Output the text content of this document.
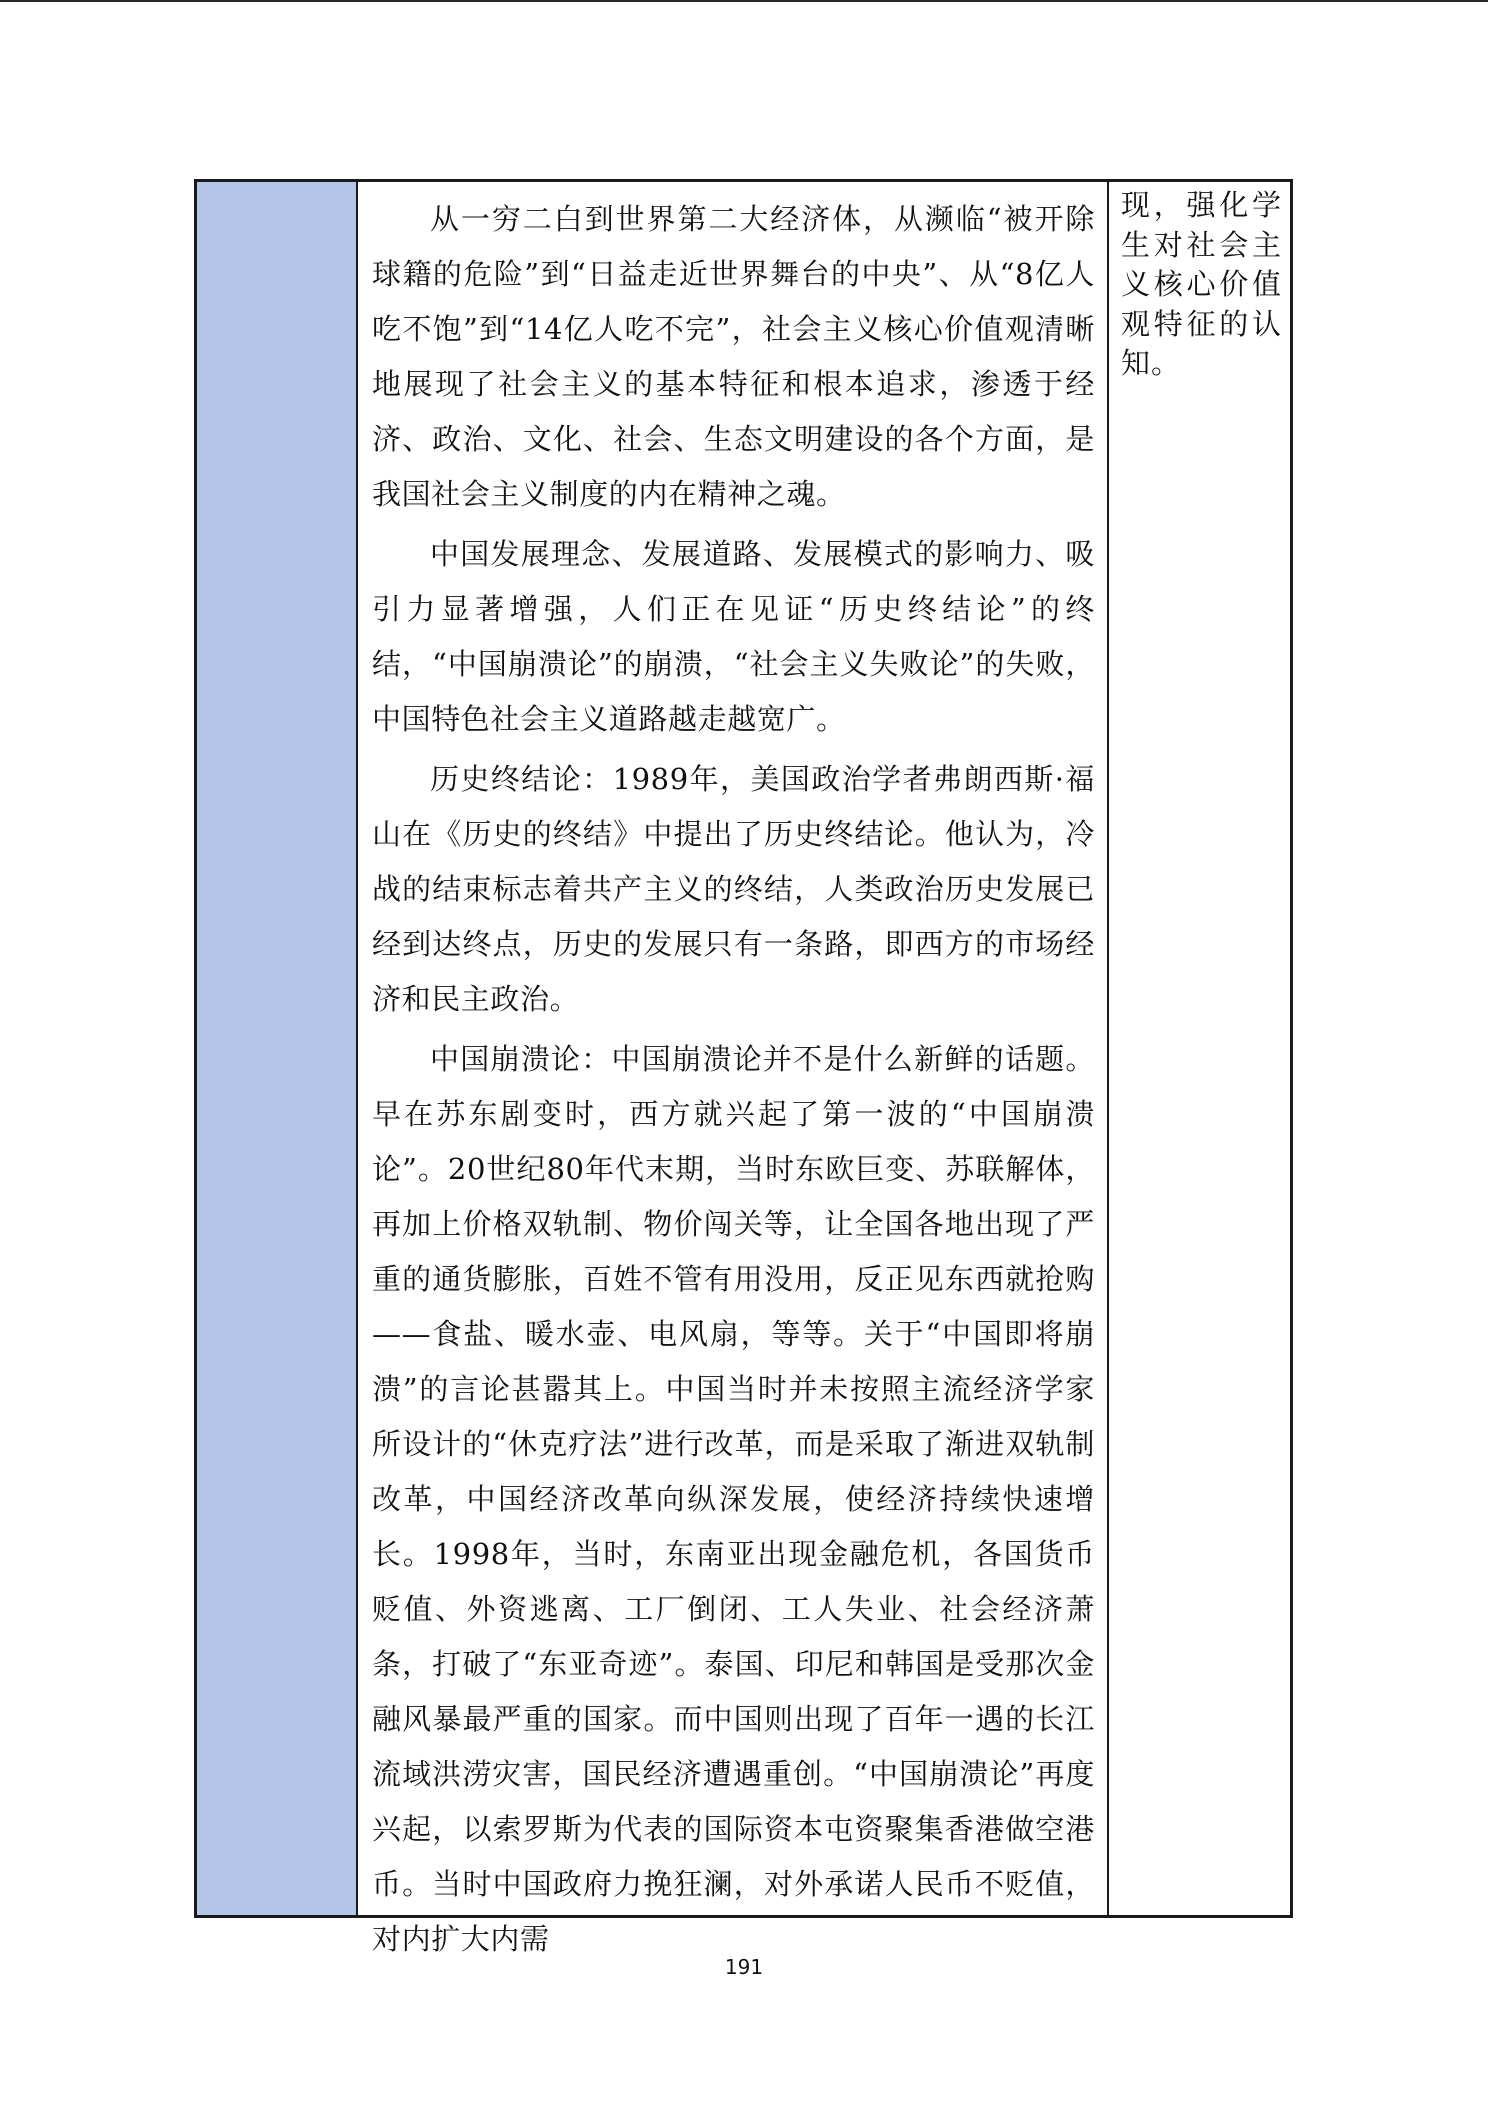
从一穷二白到世界第二大经济体，从濒临“被开除球籍的危险”到“日益走近世界舞台的中央”、从“8亿人吃不饱”到“14亿人吃不完”，社会主义核心价值观清晰地展现了社会主义的基本特征和根本追求，渗透于经济、政治、文化、社会、生态文明建设的各个方面，是我国社会主义制度的内在精神之魂。

中国发展理念、发展道路、发展模式的影响力、吸引力显著增强，人们正在见证“历史终结论”的终结，“中国崩溃论”的崩溃，“社会主义失败论”的失败，中国特色社会主义道路越走越宽广。

历史终结论：1989年，美国政治学者弗朗西斯·福山在《历史的终结》中提出了历史终结论。他认为，冷战的结束标志着共产主义的终结，人类政治历史发展已经到达终点，历史的发展只有一条路，即西方的市场经济和民主政治。

中国崩溃论：中国崩溃论并不是什么新鲜的话题。早在苏东剧变时，西方就兴起了第一波的“中国崩溃论”。20世纪80年代末期，当时东欧巨变、苏联解体，再加上价格双轨制、物价闯关等，让全国各地出现了严重的通货膨胀，百姓不管有用没用，反正见东西就抢购——食盐、暖水壶、电风扇，等等。关于“中国即将崩溃”的言论甚嚣其上。中国当时并未按照主流经济学家所设计的“休克疗法”进行改革，而是采取了渐进双轨制改革，中国经济改革向纵深发展，使经济持续快速增长。1998年，当时，东南亚出现金融危机，各国货币贬值、外资逃离、工厂倒闭、工人失业、社会经济萧条，打破了“东亚奇迹”。泰国、印尼和韩国是受那次金融风暴最严重的国家。而中国则出现了百年一遇的长江流域洪涝灾害，国民经济遭遇重创。“中国崩溃论”再度兴起，以索罗斯为代表的国际资本屯资聚集香港做空港币。当时中国政府力挽狂澜，对外承诺人民币不贬值，对内扩大内需

现，强化学生对社会主义核心价值观特征的认知。

191
